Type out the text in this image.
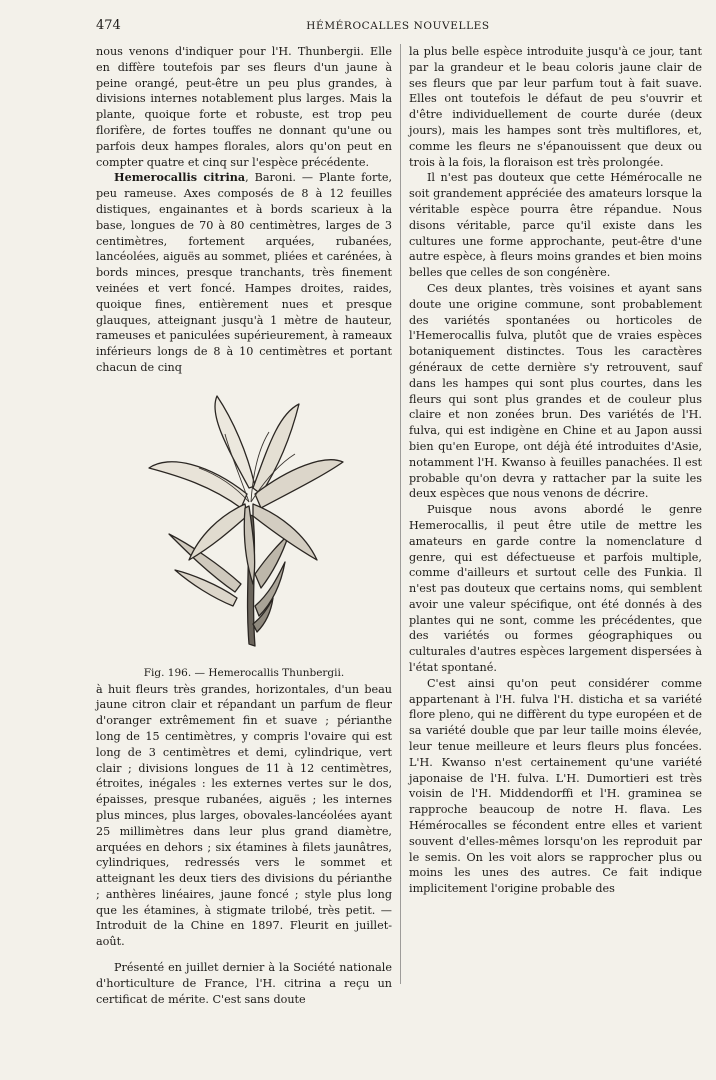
474	HÉMÉROCALLES NOUVELLES

nous venons d'indiquer pour l'H. Thunbergii. Elle en diffère toutefois par ses fleurs d'un jaune à peine orangé, peut-être un peu plus grandes, à divisions internes notablement plus larges. Mais la plante, quoique forte et robuste, est trop peu florifère, de fortes touffes ne donnant qu'une ou parfois deux hampes florales, alors qu'on peut en compter quatre et cinq sur l'espèce précédente.

Hemerocallis citrina, Baroni. — Plante forte, peu rameuse. Axes composés de 8 à 12 feuilles distiques, engainantes et à bords scarieux à la base, longues de 70 à 80 centimètres, larges de 3 centimètres, fortement arquées, rubanées, lancéolées, aiguës au sommet, pliées et carénées, à bords minces, presque tranchants, très finement veinées et vert foncé. Hampes droites, raides, quoique fines, entièrement nues et presque glauques, atteignant jusqu'à 1 mètre de hauteur, rameuses et paniculées supérieurement, à rameaux inférieurs longs de 8 à 10 centimètres et portant chacun de cinq

Fig. 196. — Hemerocallis Thunbergii.

à huit fleurs très grandes, horizontales, d'un beau jaune citron clair et répandant un parfum de fleur d'oranger extrêmement fin et suave ; périanthe long de 15 centimètres, y compris l'ovaire qui est long de 3 centimètres et demi, cylindrique, vert clair ; divisions longues de 11 à 12 centimètres, étroites, inégales : les externes vertes sur le dos, épaisses, presque rubanées, aiguës ; les internes plus minces, plus larges, obovales-lancéolées ayant 25 millimètres dans leur plus grand diamètre, arquées en dehors ; six étamines à filets jaunâtres, cylindriques, redressés vers le sommet et atteignant les deux tiers des divisions du périanthe ; anthères linéaires, jaune foncé ; style plus long que les étamines, à stigmate trilobé, très petit. — Introduit de la Chine en 1897. Fleurit en juillet-août.

Présenté en juillet dernier à la Société nationale d'horticulture de France, l'H. citrina a reçu un certificat de mérite. C'est sans doute

la plus belle espèce introduite jusqu'à ce jour, tant par la grandeur et le beau coloris jaune clair de ses fleurs que par leur parfum tout à fait suave. Elles ont toutefois le défaut de peu s'ouvrir et d'être individuellement de courte durée (deux jours), mais les hampes sont très multiflores, et, comme les fleurs ne s'épanouissent que deux ou trois à la fois, la floraison est très prolongée.

Il n'est pas douteux que cette Hémérocalle ne soit grandement appréciée des amateurs lorsque la véritable espèce pourra être répandue. Nous disons véritable, parce qu'il existe dans les cultures une forme approchante, peut-être d'une autre espèce, à fleurs moins grandes et bien moins belles que celles de son congénère.

Ces deux plantes, très voisines et ayant sans doute une origine commune, sont probablement des variétés spontanées ou horticoles de l'Hemerocallis fulva, plutôt que de vraies espèces botaniquement distinctes. Tous les caractères généraux de cette dernière s'y retrouvent, sauf dans les hampes qui sont plus courtes, dans les fleurs qui sont plus grandes et de couleur plus claire et non zonées brun. Des variétés de l'H. fulva, qui est indigène en Chine et au Japon aussi bien qu'en Europe, ont déjà été introduites d'Asie, notamment l'H. Kwanso à feuilles panachées. Il est probable qu'on devra y rattacher par la suite les deux espèces que nous venons de décrire.

Puisque nous avons abordé le genre Hemerocallis, il peut être utile de mettre les amateurs en garde contre la nomenclature d genre, qui est défectueuse et parfois multiple, comme d'ailleurs et surtout celle des Funkia. Il n'est pas douteux que certains noms, qui semblent avoir une valeur spécifique, ont été donnés à des plantes qui ne sont, comme les précédentes, que des variétés ou formes géographiques ou culturales d'autres espèces largement dispersées à l'état spontané.

C'est ainsi qu'on peut considérer comme appartenant à l'H. fulva l'H. disticha et sa variété flore pleno, qui ne diffèrent du type européen et de sa variété double que par leur taille moins élevée, leur tenue meilleure et leurs fleurs plus foncées. L'H. Kwanso n'est certainement qu'une variété japonaise de l'H. fulva. L'H. Dumortieri est très voisin de l'H. Middendorffi et l'H. graminea se rapproche beaucoup de notre H. flava. Les Hémérocalles se fécondent entre elles et varient souvent d'elles-mêmes lorsqu'on les reproduit par le semis. On les voit alors se rapprocher plus ou moins les unes des autres. Ce fait indique implicitement l'origine probable des
